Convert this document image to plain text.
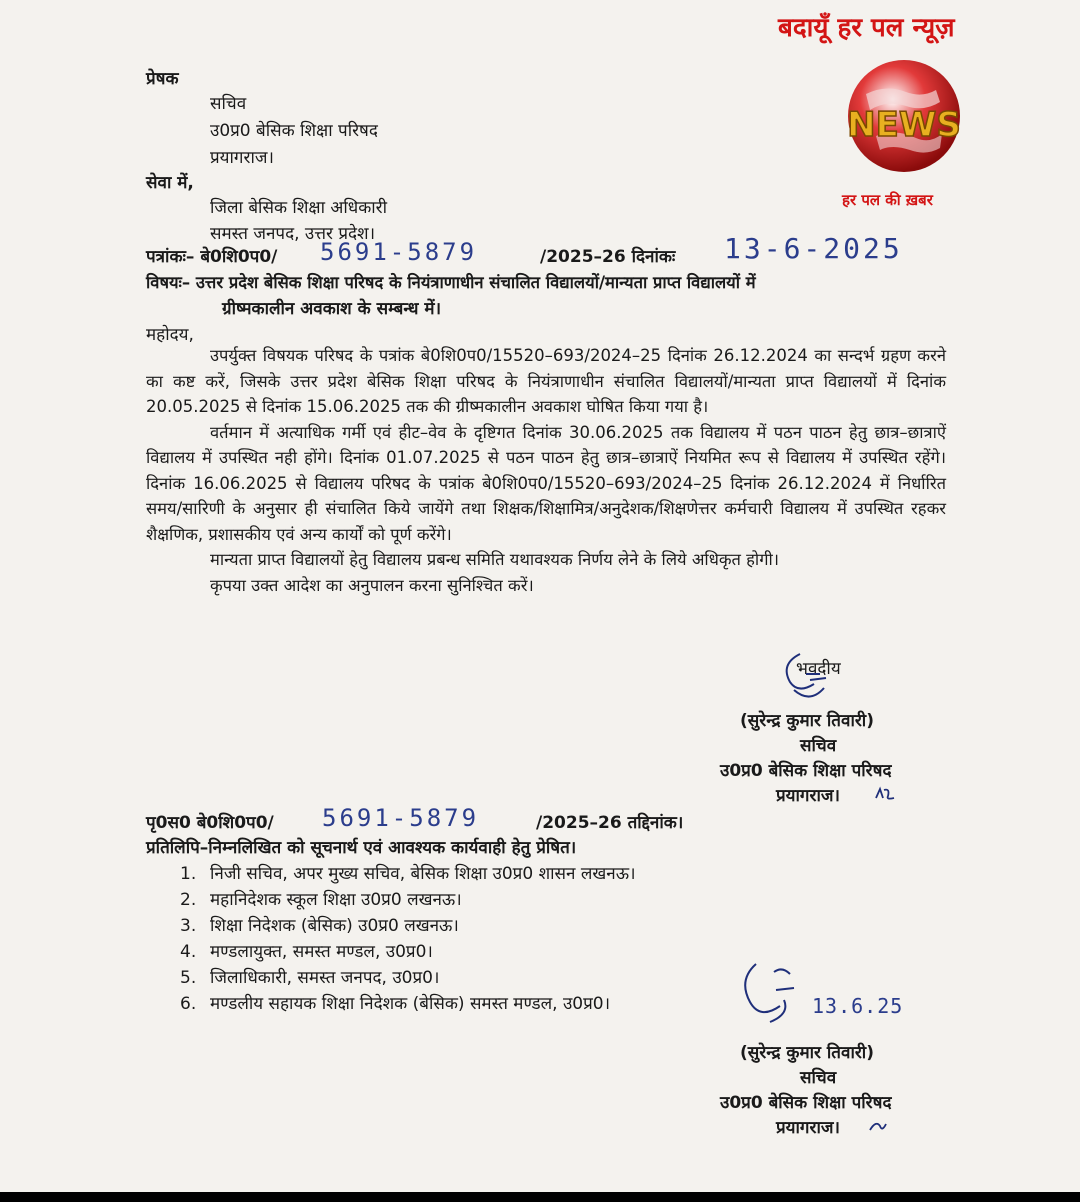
बदायूँ हर पल न्यूज़
NEWS
हर पल की ख़बर
प्रेषक
सचिव
उ0प्र0 बेसिक शिक्षा परिषद
प्रयागराज।
सेवा में,
जिला बेसिक शिक्षा अधिकारी
समस्त जनपद, उत्तर प्रदेश।
पत्रांकः– बे0शि0प0/ 5691-5879	/2025–26 दिनांकः 13-6-2025
विषयः– उत्तर प्रदेश बेसिक शिक्षा परिषद के नियंत्राणाधीन संचालित विद्यालयों/मान्यता प्राप्त विद्यालयों में
ग्रीष्मकालीन अवकाश के सम्बन्ध में।
महोदय,

उपर्युक्त विषयक परिषद के पत्रांक बे0शि0प0/15520–693/2024–25 दिनांक 26.12.2024 का सन्दर्भ ग्रहण करने का कष्ट करें, जिसके उत्तर प्रदेश बेसिक शिक्षा परिषद के नियंत्राणाधीन संचालित विद्यालयों/मान्यता प्राप्त विद्यालयों में दिनांक 20.05.2025 से दिनांक 15.06.2025 तक की ग्रीष्मकालीन अवकाश घोषित किया गया है।

वर्तमान में अत्याधिक गर्मी एवं हीट–वेव के दृष्टिगत दिनांक 30.06.2025 तक विद्यालय में पठन पाठन हेतु छात्र–छात्राऐं विद्यालय में उपस्थित नही होंगे। दिनांक 01.07.2025 से पठन पाठन हेतु छात्र–छात्राऐं नियमित रूप से विद्यालय में उपस्थित रहेंगे। दिनांक 16.06.2025 से विद्यालय परिषद के पत्रांक बे0शि0प0/15520–693/2024–25 दिनांक 26.12.2024 में निर्धारित समय/सारिणी के अनुसार ही संचालित किये जायेंगे तथा शिक्षक/शिक्षामित्र/अनुदेशक/शिक्षणेत्तर कर्मचारी विद्यालय में उपस्थित रहकर शैक्षणिक, प्रशासकीय एवं अन्य कार्यों को पूर्ण करेंगे।

मान्यता प्राप्त विद्यालयों हेतु विद्यालय प्रबन्ध समिति यथावश्यक निर्णय लेने के लिये अधिकृत होगी।

कृपया उक्त आदेश का अनुपालन करना सुनिश्चित करें।

भवदीय
(सुरेन्द्र कुमार तिवारी)
सचिव
उ0प्र0 बेसिक शिक्षा परिषद
प्रयागराज।
पृ0स0 बे0शि0प0/ 5691-5879	/2025–26 तद्दिनांक।
प्रतिलिपि–निम्नलिखित को सूचनार्थ एवं आवश्यक कार्यवाही हेतु प्रेषित।
1. निजी सचिव, अपर मुख्य सचिव, बेसिक शिक्षा उ0प्र0 शासन लखनऊ।
2. महानिदेशक स्कूल शिक्षा उ0प्र0 लखनऊ।
3. शिक्षा निदेशक (बेसिक) उ0प्र0 लखनऊ।
4. मण्डलायुक्त, समस्त मण्डल, उ0प्र0।
5. जिलाधिकारी, समस्त जनपद, उ0प्र0।
6. मण्डलीय सहायक शिक्षा निदेशक (बेसिक) समस्त मण्डल, उ0प्र0।	13.6.25
(सुरेन्द्र कुमार तिवारी)
सचिव
उ0प्र0 बेसिक शिक्षा परिषद
प्रयागराज।
